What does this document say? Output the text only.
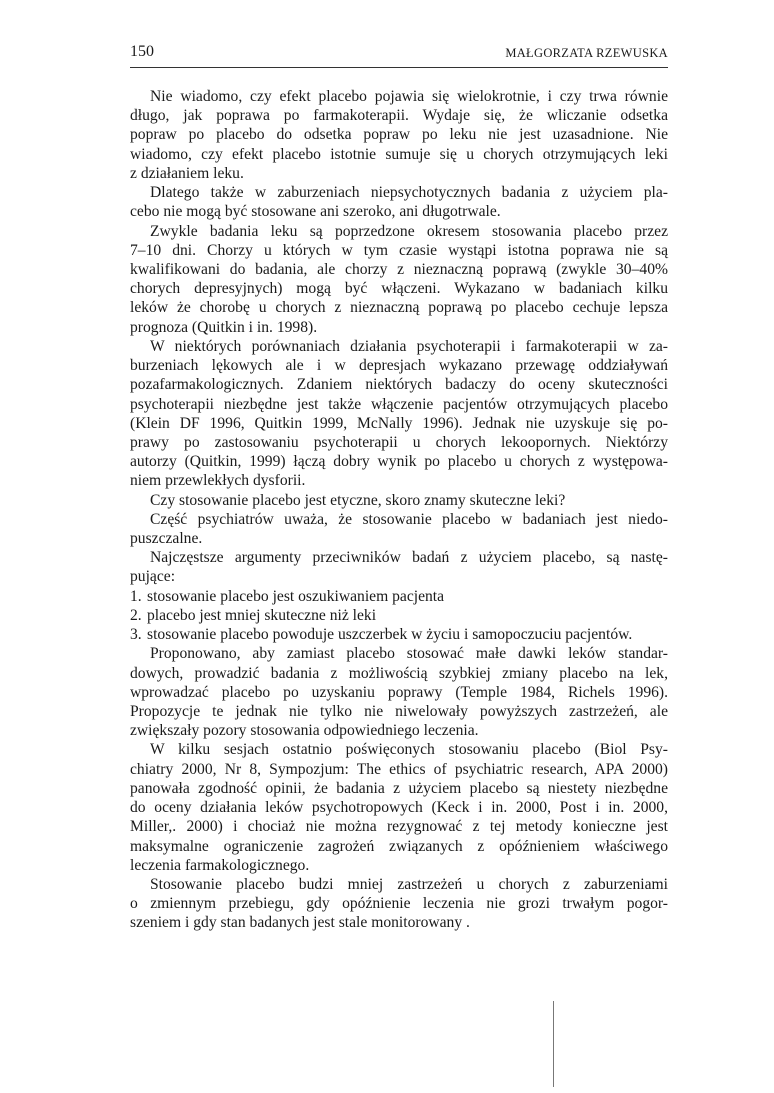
150	MAŁGORZATA RZEWUSKA
Nie wiadomo, czy efekt placebo pojawia się wielokrotnie, i czy trwa równie
długo, jak poprawa po farmakoterapii. Wydaje się, że wliczanie odsetka
popraw po placebo do odsetka popraw po leku nie jest uzasadnione. Nie
wiadomo, czy efekt placebo istotnie sumuje się u chorych otrzymujących leki
z działaniem leku.
Dlatego także w zaburzeniach niepsychotycznych badania z użyciem pla-
cebo nie mogą być stosowane ani szeroko, ani długotrwale.
Zwykle badania leku są poprzedzone okresem stosowania placebo przez
7–10 dni. Chorzy u których w tym czasie wystąpi istotna poprawa nie są
kwalifikowani do badania, ale chorzy z nieznaczną poprawą (zwykle 30–40%
chorych depresyjnych) mogą być włączeni. Wykazano w badaniach kilku
leków że chorobę u chorych z nieznaczną poprawą po placebo cechuje lepsza
prognoza (Quitkin i in. 1998).
W niektórych porównaniach działania psychoterapii i farmakoterapii w za-
burzeniach lękowych ale i w depresjach wykazano przewagę oddziaływań
pozafarmakologicznych. Zdaniem niektórych badaczy do oceny skuteczności
psychoterapii niezbędne jest także włączenie pacjentów otrzymujących placebo
(Klein DF 1996, Quitkin 1999, McNally 1996). Jednak nie uzyskuje się po-
prawy po zastosowaniu psychoterapii u chorych lekoopornych. Niektórzy
autorzy (Quitkin, 1999) łączą dobry wynik po placebo u chorych z występowa-
niem przewlekłych dysforii.
Czy stosowanie placebo jest etyczne, skoro znamy skuteczne leki?
Część psychiatrów uważa, że stosowanie placebo w badaniach jest niedo-
puszczalne.
Najczęstsze argumenty przeciwników badań z użyciem placebo, są nastę-
pujące:
1. stosowanie placebo jest oszukiwaniem pacjenta
2. placebo jest mniej skuteczne niż leki
3. stosowanie placebo powoduje uszczerbek w życiu i samopoczuciu pacjentów.
Proponowano, aby zamiast placebo stosować małe dawki leków standar-
dowych, prowadzić badania z możliwością szybkiej zmiany placebo na lek,
wprowadzać placebo po uzyskaniu poprawy (Temple 1984, Richels 1996).
Propozycje te jednak nie tylko nie niwelowały powyższych zastrzeżeń, ale
zwiększały pozory stosowania odpowiedniego leczenia.
W kilku sesjach ostatnio poświęconych stosowaniu placebo (Biol Psy-
chiatry 2000, Nr 8, Sympozjum: The ethics of psychiatric research, APA 2000)
panowała zgodność opinii, że badania z użyciem placebo są niestety niezbędne
do oceny działania leków psychotropowych (Keck i in. 2000, Post i in. 2000,
Miller,. 2000) i chociaż nie można rezygnować z tej metody konieczne jest
maksymalne ograniczenie zagrożeń związanych z opóźnieniem właściwego
leczenia farmakologicznego.
Stosowanie placebo budzi mniej zastrzeżeń u chorych z zaburzeniami
o zmiennym przebiegu, gdy opóźnienie leczenia nie grozi trwałym pogor-
szeniem i gdy stan badanych jest stale monitorowany .
